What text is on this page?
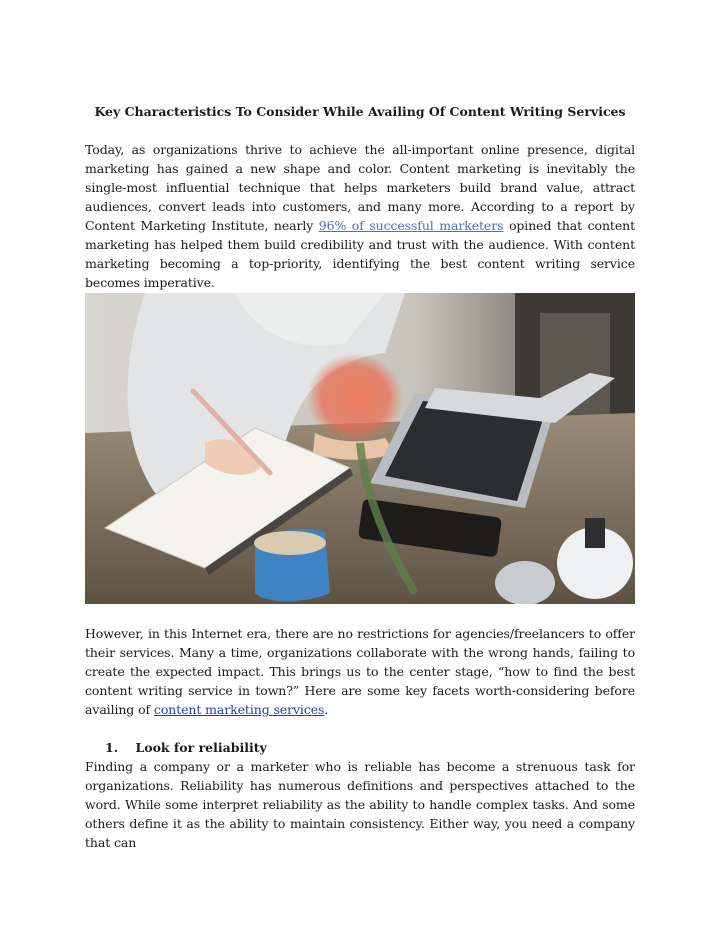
Key Characteristics To Consider While Availing Of Content Writing Services
Today, as organizations thrive to achieve the all-important online presence, digital marketing has gained a new shape and color. Content marketing is inevitably the single-most influential technique that helps marketers build brand value, attract audiences, convert leads into customers, and many more. According to a report by Content Marketing Institute, nearly 96% of successful marketers opined that content marketing has helped them build credibility and trust with the audience. With content marketing becoming a top-priority, identifying the best content writing service becomes imperative.
However, in this Internet era, there are no restrictions for agencies/freelancers to offer their services. Many a time, organizations collaborate with the wrong hands, failing to create the expected impact. This brings us to the center stage, “how to find the best content writing service in town?” Here are some key facets worth-considering before availing of content marketing services.
1.    Look for reliability
Finding a company or a marketer who is reliable has become a strenuous task for organizations. Reliability has numerous definitions and perspectives attached to the word. While some interpret reliability as the ability to handle complex tasks. And some others define it as the ability to maintain consistency. Either way, you need a company that can
